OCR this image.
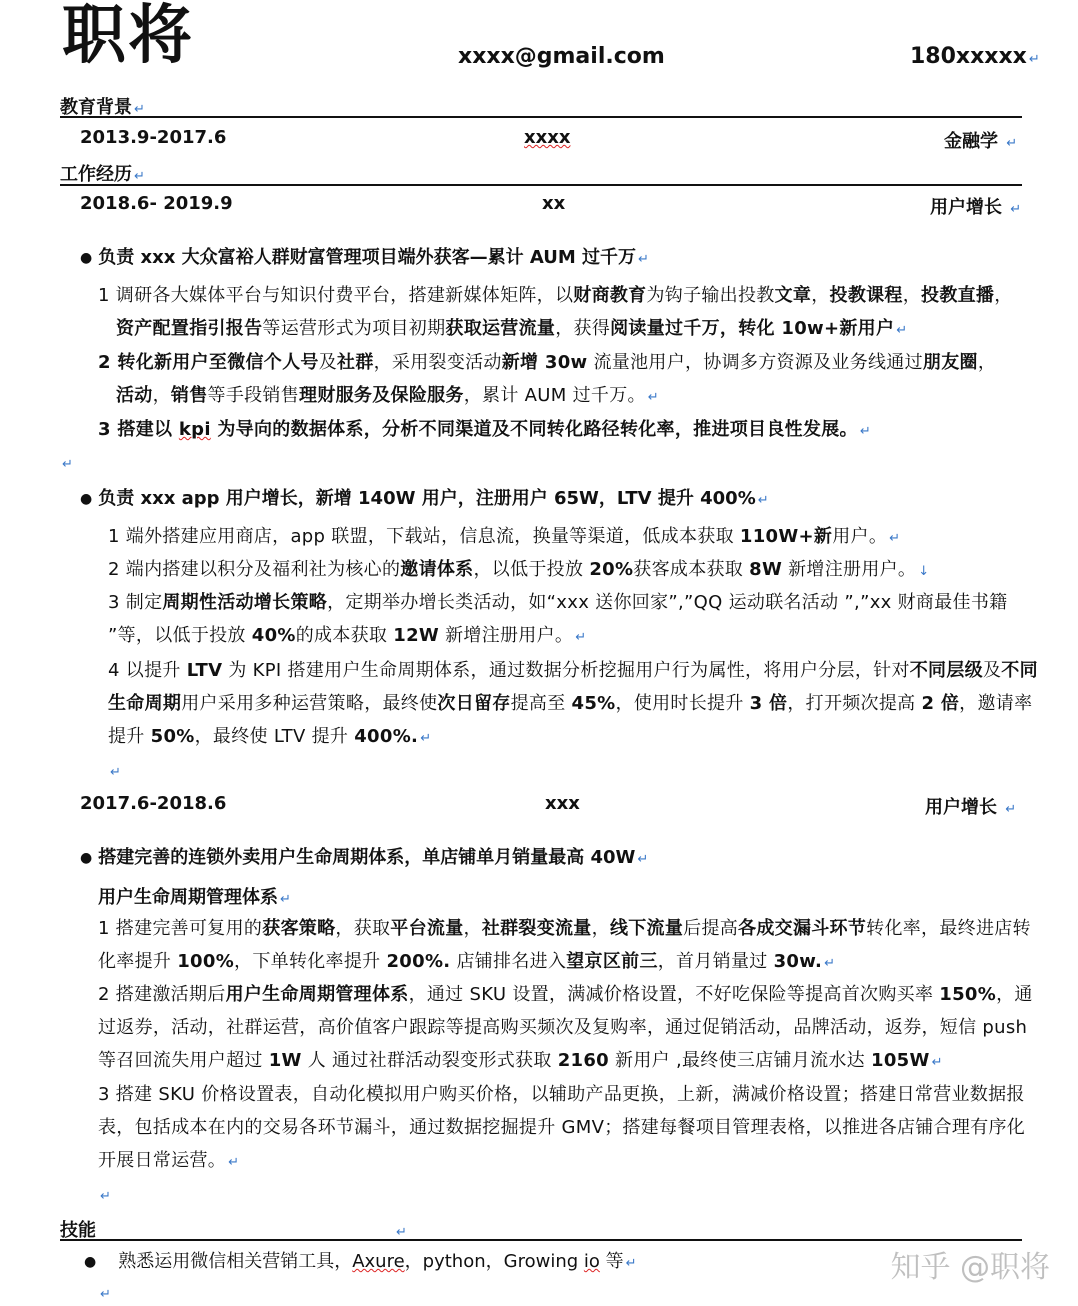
职将	xxxx@gmail.com	180xxxxx ↵
教育背景 ↵
2013.9-2017.6	xxxx	金融学 ↵
工作经历 ↵
2018.6- 2019.9	xx	用户增长 ↵
● 负责 xxx 大众富裕人群财富管理项目端外获客—累计 AUM 过千万 ↵
1 调研各大媒体平台与知识付费平台，搭建新媒体矩阵，以财商教育为钩子输出投教文章，投教课程，投教直播，
资产配置指引报告等运营形式为项目初期获取运营流量，获得阅读量过千万，转化 10w+新用户 ↵
2 转化新用户至微信个人号及社群，采用裂变活动新增 30w 流量池用户，协调多方资源及业务线通过朋友圈，
活动，销售等手段销售理财服务及保险服务，累计 AUM 过千万。 ↵
3 搭建以 kpi 为导向的数据体系，分析不同渠道及不同转化路径转化率，推进项目良性发展。 ↵
↵
● 负责 xxx app 用户增长，新增 140W 用户，注册用户 65W，LTV 提升 400% ↵
1 端外搭建应用商店，app 联盟，下载站，信息流，换量等渠道，低成本获取 110W+新用户。 ↵
2 端内搭建以积分及福利社为核心的邀请体系，以低于投放 20%获客成本获取 8W 新增注册用户。 ↓
3 制定周期性活动增长策略，定期举办增长类活动，如“xxx 送你回家”,”QQ 运动联名活动 ”,”xx 财商最佳书籍 ”等，以低于投放 40%的成本获取 12W 新增注册用户。 ↵
4 以提升 LTV 为 KPI 搭建用户生命周期体系，通过数据分析挖掘用户行为属性，将用户分层，针对不同层级及不同生命周期用户采用多种运营策略，最终使次日留存提高至 45%，使用时长提升 3 倍，打开频次提高 2 倍，邀请率提升 50%，最终使 LTV 提升 400%. ↵
↵
2017.6-2018.6	xxx	用户增长 ↵
● 搭建完善的连锁外卖用户生命周期体系，单店铺单月销量最高 40W ↵
用户生命周期管理体系 ↵
1 搭建完善可复用的获客策略，获取平台流量，社群裂变流量，线下流量后提高各成交漏斗环节转化率，最终进店转化率提升 100%，下单转化率提升 200%. 店铺排名进入望京区前三，首月销量过 30w. ↵
2 搭建激活期后用户生命周期管理体系，通过 SKU 设置，满减价格设置，不好吃保险等提高首次购买率 150%，通过返券，活动，社群运营，高价值客户跟踪等提高购买频次及复购率，通过促销活动，品牌活动，返券，短信 push 等召回流失用户超过 1W 人 通过社群活动裂变形式获取 2160 新用户 ,最终使三店铺月流水达 105W ↵
3 搭建 SKU 价格设置表，自动化模拟用户购买价格，以辅助产品更换，上新，满减价格设置；搭建日常营业数据报表，包括成本在内的交易各环节漏斗，通过数据挖掘提升 GMV；搭建每餐项目管理表格，以推进各店铺合理有序化开展日常运营。 ↵
↵
技能	↵
● 熟悉运用微信相关营销工具，Axure，python，Growing io 等 ↵
↵
知乎 @职将
